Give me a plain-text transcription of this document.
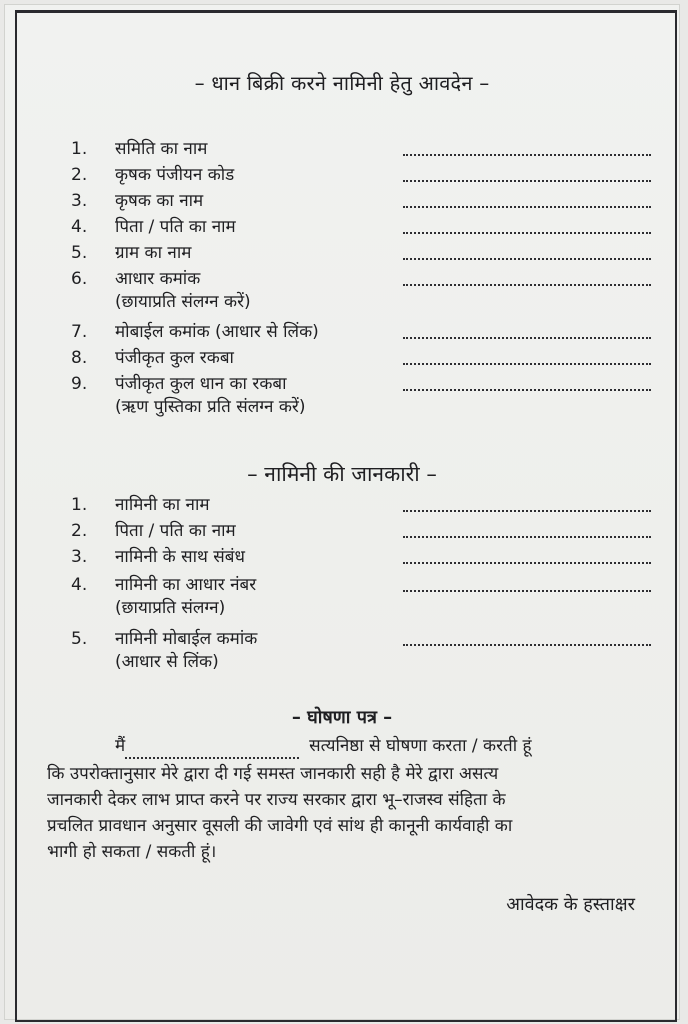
– धान बिक्री करने नामिनी हेतु आवदेन –
1. समिति का नाम
2. कृषक पंजीयन कोड
3. कृषक का नाम
4. पिता / पति का नाम
5. ग्राम का नाम
6. आधार कमांक
(छायाप्रति संलग्न करें)
7. मोबाईल कमांक (आधार से लिंक)
8. पंजीकृत कुल रकबा
9. पंजीकृत कुल धान का रकबा
(ऋण पुस्तिका प्रति संलग्न करें)
– नामिनी की जानकारी –
1. नामिनी का नाम
2. पिता / पति का नाम
3. नामिनी के साथ संबंध
4. नामिनी का आधार नंबर
(छायाप्रति संलग्न)
5. नामिनी मोबाईल कमांक
(आधार से लिंक)
– घोषणा पत्र –
मैं	सत्यनिष्ठा से घोषणा करता / करती हूं
कि उपरोक्तानुसार मेरे द्वारा दी गई समस्त जानकारी सही है मेरे द्वारा असत्य
जानकारी देकर लाभ प्राप्त करने पर राज्य सरकार द्वारा भू–राजस्व संहिता के
प्रचलित प्रावधान अनुसार वूसली की जावेगी एवं सांथ ही कानूनी कार्यवाही का
भागी हो सकता / सकती हूं।
आवेदक के हस्ताक्षर
